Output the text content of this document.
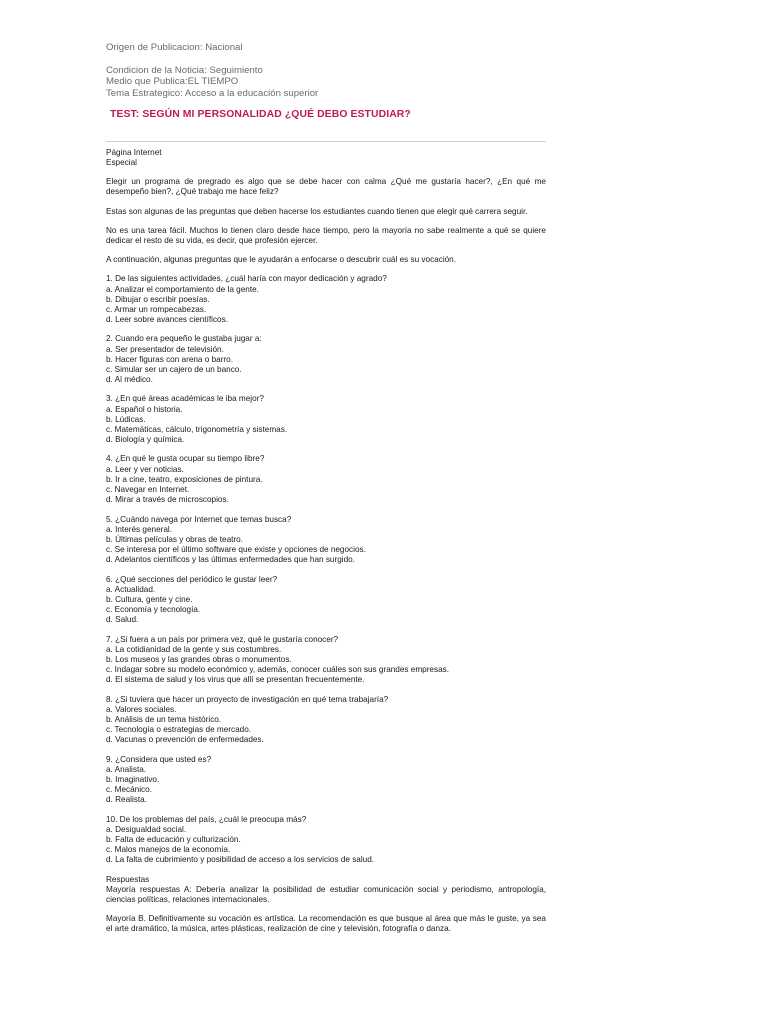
Origen de Publicacion: Nacional
Condicion de la Noticia: Seguimiento
Medio que Publica:EL TIEMPO
Tema Estrategico: Acceso a la educación superior
TEST: SEGÚN MI PERSONALIDAD ¿QUÉ DEBO ESTUDIAR?
Página Internet
Especial

Elegir un programa de pregrado es algo que se debe hacer con calma ¿Qué me gustaría hacer?, ¿En qué me desempeño bien?, ¿Qué trabajo me hace feliz?

Estas son algunas de las preguntas que deben hacerse los estudiantes cuando tienen que elegir qué carrera seguir.

No es una tarea fácil. Muchos lo tienen claro desde hace tiempo, pero la mayoría no sabe realmente a qué se quiere dedicar el resto de su vida, es decir, que profesión ejercer.

A continuación, algunas preguntas que le ayudarán a enfocarse o descubrir cuál es su vocación.

1. De las siguientes actividades, ¿cuál haría con mayor dedicación y agrado?
a. Analizar el comportamiento de la gente.
b. Dibujar o escribir poesías.
c. Armar un rompecabezas.
d. Leer sobre avances científicos.
2. Cuando era pequeño le gustaba jugar a:
a. Ser presentador de televisión.
b. Hacer figuras con arena o barro.
c. Simular ser un cajero de un banco.
d. Al médico.
3. ¿En qué áreas académicas le iba mejor?
a. Español o historia.
b. Lúdicas.
c. Matemáticas, cálculo, trigonometría y sistemas.
d. Biología y química.
4. ¿En qué le gusta ocupar su tiempo libre?
a. Leer y ver noticias.
b. Ir a cine, teatro, exposiciones de pintura.
c. Navegar en Internet.
d. Mirar a través de microscopios.
5. ¿Cuándo navega por Internet que temas busca?
a. Interés general.
b. Últimas películas y obras de teatro.
c. Se interesa por el último software que existe y opciones de negocios.
d. Adelantos científicos y las últimas enfermedades que han surgido.
6. ¿Qué secciones del periódico le gustar leer?
a. Actualidad.
b. Cultura, gente y cine.
c. Economía y tecnología.
d. Salud.
7. ¿Si fuera a un país por primera vez, qué le gustaría conocer?
a. La cotidianidad de la gente y sus costumbres.
b. Los museos y las grandes obras o monumentos.
c. Indagar sobre su modelo económico y, además, conocer cuáles son sus grandes empresas.
d. El sistema de salud y los virus que allí se presentan frecuentemente.
8. ¿Si tuviera que hacer un proyecto de investigación en qué tema trabajaría?
a. Valores sociales.
b. Análisis de un tema histórico.
c. Tecnología o estrategias de mercado.
d. Vacunas o prevención de enfermedades.
9. ¿Considera que usted es?
a. Analista.
b. Imaginativo.
c. Mecánico.
d. Realista.
10. De los problemas del país, ¿cuál le preocupa más?
a. Desigualdad social.
b. Falta de educación y culturización.
c. Malos manejos de la economía.
d. La falta de cubrimiento y posibilidad de acceso a los servicios de salud.

Respuestas

Mayoría respuestas A: Debería analizar la posibilidad de estudiar comunicación social y periodismo, antropología, ciencias políticas, relaciones internacionales.

Mayoría B. Definitivamente su vocación es artística. La recomendación es que busque al área que más le guste, ya sea el arte dramático, la música, artes plásticas, realización de cine y televisión, fotografía o danza.
